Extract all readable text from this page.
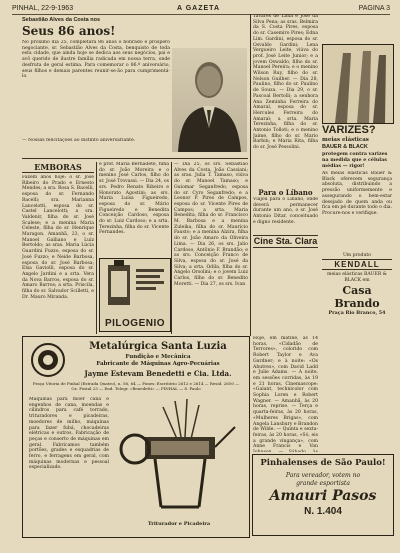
PINHAL, 22-9-1963	A GAZETA	PAGINA 3
Sebastião Alves da Costa nos
Seus 86 anos!
No próximo dia 25, completará 86 anos o honrado e próspero negociante, sr. Sebastião Alves da Costa, benquisto de toda esta cidade, que ainda hoje se dedica aos seus negócios, pai e avô querido de ilustre família radicada em nossa terra, onde desfruta de geral estima. Para comemorar o 86.º aniversário, seus filhos e demais parentes reunir-se-ão para cumprimentá-lo.
— Nossas felicitações ao distinto aniversariante.
EMBORAS
Fazem anos hoje: o sr. José Ribeiro do Prado e Ernesto Mendes; a sra. Rosa S. Bacelli, esposa do sr. Fernando Bacelli; sra. Marianna Lancelotti, esposa do sr. Castel Lancelotti; a sra. Valdenir, filha do sr. José Scalese; e a menina Maria Celeste, filha do sr. Henrique Maragon. Amanhã, 23, o sr. Manoel Galliano e Luiz Bertoldo; as sras. Maria Lúcia Guardini Fuzzo, esposa do sr. José Fuzzo; e Neide Barbosa, esposa do sr. José Barbosa; Elsa Gaviolli, esposa do sr. Angelo Jardini e a srta. Vera da Nova Barros, esposa do sr. Amaro Barros; a srta. Priscila, filha do sr. Salvador Scilletti, e Dr. Mauro Miranda.
e prof. Maria Bernadete, filha do sr. João Moreira e o menino José Carlos, filho do sr. José Trovassi. — Dia 24, os srs. Pedro Renato Ribeiro e Honorato Agostini; as srs. Maria Luísa Figueiredo, esposa do sr. Mário Figueiredo e Benedita Conceição Cardoso, esposa do sr. Luiz Cardoso; e a srta. Terezinha, filha do sr. Vicente Fernandes.
PILOGENIO
— Dia 25, os srs. Sebastião Alves da Costa, João Cassiani; as sras. Julia T. Tamaso, viúva do sr. Manoel Tamaso; e Guiomar Seganfredo, esposa do sr. Cyro Seganfredo; e a Leonor P. Pires de Campos, esposa do sr. Vicente Pires de Campos; a srta. Maria Benedita, filha do sr. Francisco M. Barbosa e a menina Zuleika, filha do sr. Maurício Fausto; e a menina Alzira, filha do sr. João Amaro da Oliveira Lima. — Dia 26, os srs. Jalio Cardoso, Antônio F. Brandão; e as srs. Conceição Franco de Silva, esposa do sr. José da Silva; a srta. Odila, filha do sr. Angelo Orsolini; e o jovem Luiz Carlos, filho do sr. Benedito Moretti. — Dia 27, os srs. Ivan
Tavares de Lima e José da Silva Pena; as sras. Belmira da S. Costa Pires, esposa do sr. Casemiro Pires; Edna Lim. Gardini, esposa do sr. Osvaldo Gardini; Lena Vergueiro Leite, viúva do prof. José Leite Junior; e a jovem Oswaldo, filho do sr. Manoel Pereira; e o menino Wilson Ruy, filho do sr. Nelson Guilher. — Dia 28, Paulino, filho do sr. Paulino de Souza. — Dia 29, o sr. Pascoal Bertolli; a senhora Ana Zeminha Ferreira do Amaral, esposa do sr. Hercules Ferreira do Amaral; a srta. Maria Terezinha, filha do sr. Antonio Tolloti; e o menino Jaime, filho do sr. Mario Barbin; e Maria Rita, filha do sr. José Pessolini.
Para o Líbano
Viajou para o Líbano, onde deverá permanecer durante um ano, o sr. José Antonio Ditar, conceituado e digno residente.
Cine Sta. Clara
VARIZES?
meias elásticas
BAUER & BLACK
protegem contra varizes na medida que e células médias — rigor!
As meias elásticas Bauer & Black oferecem segurança absoluta, distribuindo a pressão uniformemente e assegurando o bem-estar desejado de quem anda ou fica em pé durante todo o dia. Procure-nos e verifique.
Um produto
KENDALL
meias elásticas BAUER & BLACK em
Casa Brando
Praça Rio Branco, 54
Metalúrgica Santa Luzia
Fundição e Mecânica
Fabricante de Máquinas Agro-Pecuárias
Jayme Estevam Benedetti e Cia. Ltda.
Praça Vitoria de Pinhal (Estrada Quatro), n. 56, 64 — Fones: Escritório 2612 e 2614 — Resid. 2650 — Cx. Postal 23 — End. Telegr. «Benedetti» — PINHAL — S. Paulo
Máquinas para moer cana e engenhos de cana, moendas e cilindros para café torrado, trituradores e picadeiras, moedores de milho, máquinas para fazer fubá, chocadeiras elétricas e outros. Fabricação de peças e conserto de máquinas em geral. Fabricamos também portões, grades e esquadrias de ferro, e ferragens em geral, com máquinas modernas e pessoal especializado.
Triturador e Picadeira
Hoje, em matinê, às 14 horas, «Cidadão de Terrores», colorido com Robert Taylor e Ava Gardner; e à noite: «Os Abutres», com David Ladd e Julie Adams. — A noite, em sessões corridas, às 19 e 21 horas, Cinemascope: «Galant, technicolor com Sophia Loren e Robert Wagner. — Amanhã, às 20 horas, reprise. — Terça e quarta-feiras, às 20 horas, «Mulheres Brigas», com Angela Lansbury e Brandon de Wilde. — Quinta e sexta-feiras, às 20 horas, «Só, eis a grande vingança», com Anne Francis e Van
Pinhalenses de São Paulo!
Para vereador, votem no
grande esportista
Amauri Pasos
N. 1.404
